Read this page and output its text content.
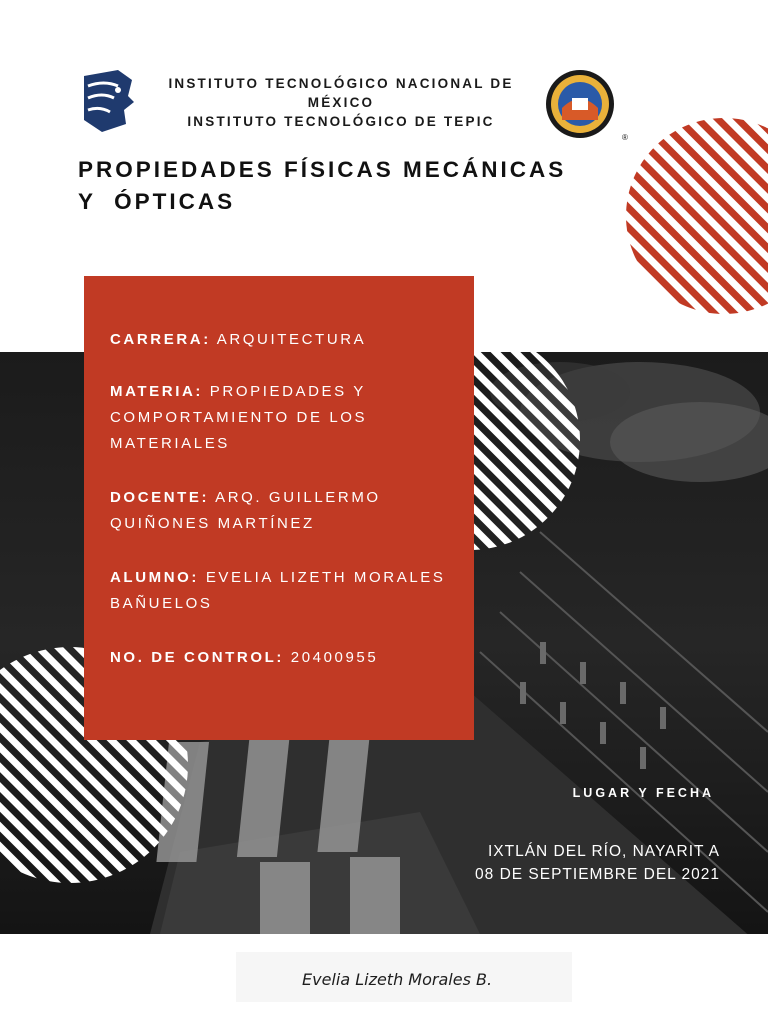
®
INSTITUTO TECNOLÓGICO NACIONAL DE MÉXICO
INSTITUTO TECNOLÓGICO DE TEPIC
PROPIEDADES FÍSICAS MECÁNICAS
Y  ÓPTICAS
CARRERA: ARQUITECTURA
MATERIA: PROPIEDADES Y COMPORTAMIENTO DE LOS MATERIALES
DOCENTE: ARQ. GUILLERMO QUIÑONES MARTÍNEZ
ALUMNO: EVELIA LIZETH MORALES BAÑUELOS
NO. DE CONTROL: 20400955
LUGAR Y FECHA
IXTLÁN DEL RÍO, NAYARIT A
08 DE SEPTIEMBRE DEL 2021
Evelia Lizeth Morales B.
